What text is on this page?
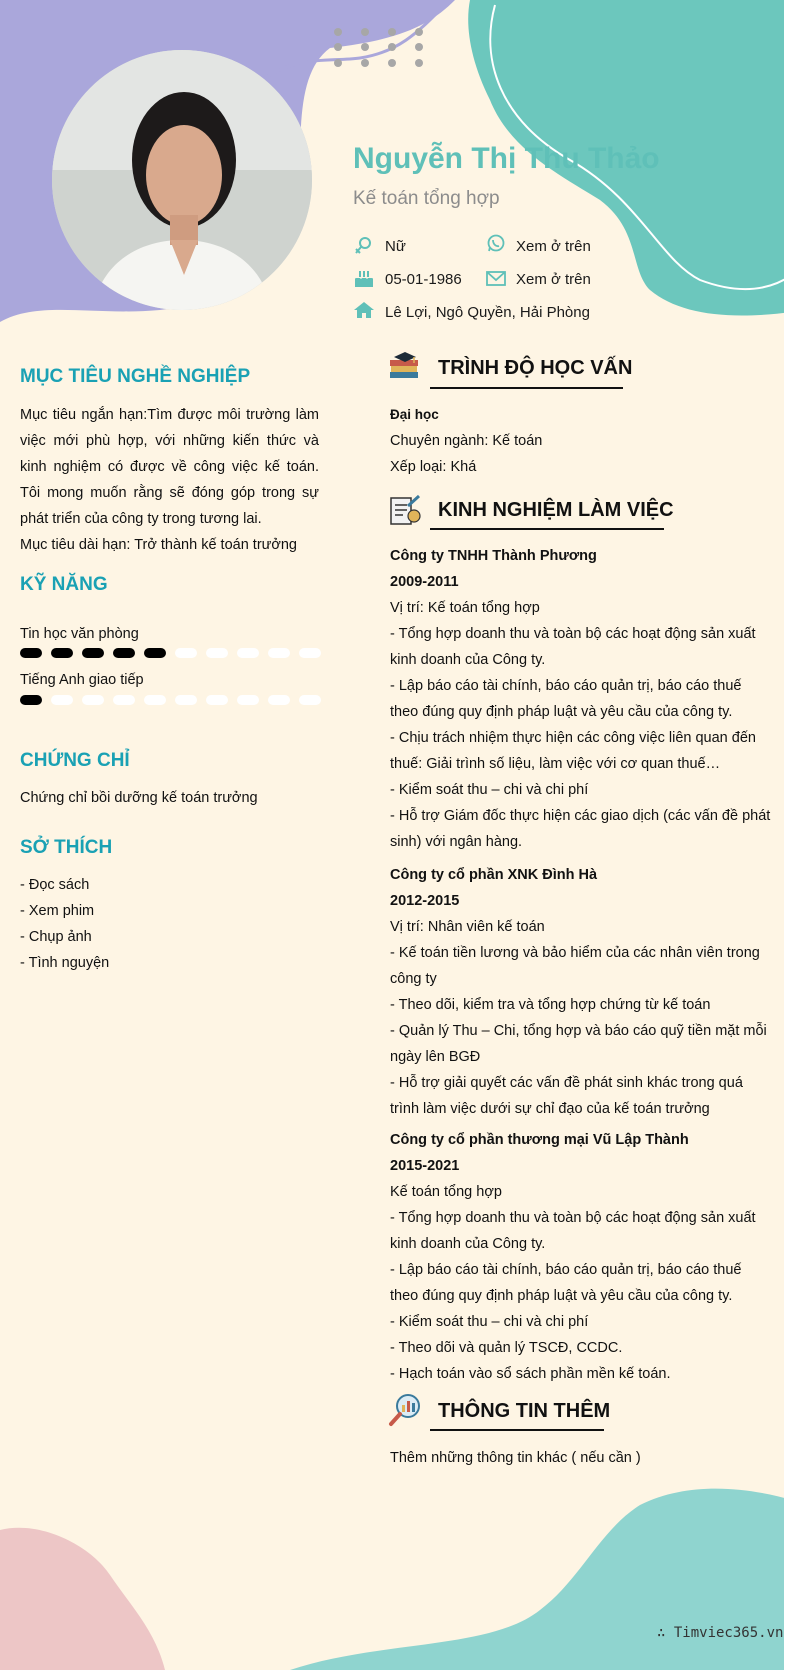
Nguyễn Thị Thu Thảo
Kế toán tổng hợp
Nữ	Xem ở trên
05-01-1986	Xem ở trên
Lê Lợi, Ngô Quyền, Hải Phòng
MỤC TIÊU NGHỀ NGHIỆP
Mục tiêu ngắn hạn:Tìm được môi trường làm việc mới phù hợp, với những kiến thức và kinh nghiệm có được về công việc kế toán. Tôi mong muốn rằng sẽ đóng góp trong sự phát triển của công ty trong tương lai.
Mục tiêu dài hạn: Trở thành kế toán trưởng
KỸ NĂNG
Tin học văn phòng
Tiếng Anh giao tiếp
CHỨNG CHỈ
Chứng chỉ bồi dưỡng kế toán trưởng
SỞ THÍCH
- Đọc sách
- Xem phim
- Chụp ảnh
- Tình nguyện
TRÌNH ĐỘ HỌC VẤN
Đại học
Chuyên ngành: Kế toán
Xếp loại: Khá
KINH NGHIỆM LÀM VIỆC
Công ty TNHH Thành Phương
2009-2011
Vị trí: Kế toán tổng hợp
- Tổng hợp doanh thu và toàn bộ các hoạt động sản xuất kinh doanh của Công ty.
- Lập báo cáo tài chính, báo cáo quản trị, báo cáo thuế theo đúng quy định pháp luật và yêu cầu của công ty.
- Chịu trách nhiệm thực hiện các công việc liên quan đến thuế: Giải trình số liệu, làm việc với cơ quan thuế…
- Kiểm soát thu – chi và chi phí
- Hỗ trợ Giám đốc thực hiện các giao dịch (các vấn đề phát sinh) với ngân hàng.
Công ty cổ phần XNK Đình Hà
2012-2015
Vị trí: Nhân viên kế toán
- Kế toán tiền lương và bảo hiểm của các nhân viên trong công ty
- Theo dõi, kiểm tra và tổng hợp chứng từ kế toán
- Quản lý Thu – Chi, tổng hợp và báo cáo quỹ tiền mặt mỗi ngày lên BGĐ
- Hỗ trợ giải quyết các vấn đề phát sinh khác trong quá trình làm việc dưới sự chỉ đạo của kế toán trưởng
Công ty cổ phần thương mại Vũ Lập Thành
2015-2021
Kế toán tổng hợp
- Tổng hợp doanh thu và toàn bộ các hoạt động sản xuất kinh doanh của Công ty.
- Lập báo cáo tài chính, báo cáo quản trị, báo cáo thuế theo đúng quy định pháp luật và yêu cầu của công ty.
- Kiểm soát thu – chi và chi phí
- Theo dõi và quản lý TSCĐ, CCDC.
- Hạch toán vào sổ sách phần mền kế toán.
THÔNG TIN THÊM
Thêm những thông tin khác ( nếu cần )
∴ Timviec365.vn
